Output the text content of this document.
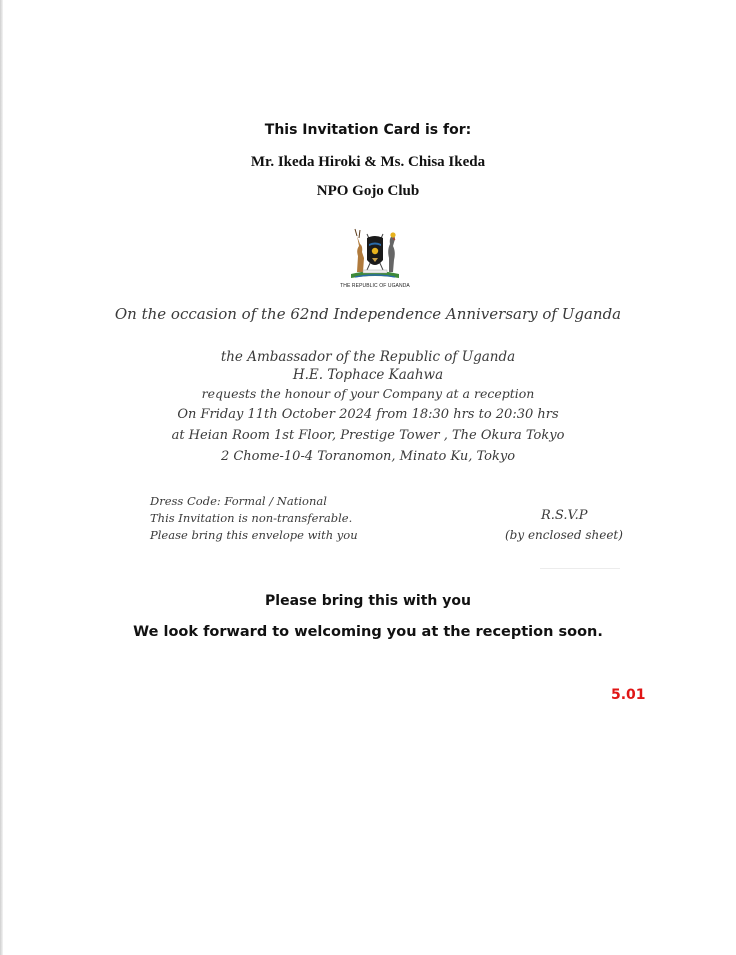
This Invitation Card is for:
Mr. Ikeda Hiroki & Ms. Chisa Ikeda
NPO Gojo Club
THE REPUBLIC OF UGANDA
On the occasion of the 62nd Independence Anniversary of Uganda
the Ambassador of the Republic of Uganda
H.E. Tophace Kaahwa
requests the honour of your Company at a reception
On Friday 11th October 2024 from 18:30 hrs to 20:30 hrs
at Heian Room 1st Floor, Prestige Tower , The Okura Tokyo
2 Chome-10-4 Toranomon, Minato Ku, Tokyo
Dress Code: Formal / National
This Invitation is non-transferable.
Please bring this envelope with you
R.S.V.P
(by enclosed sheet)
Please bring this with you
We look forward to welcoming you at the reception soon.
5.01
